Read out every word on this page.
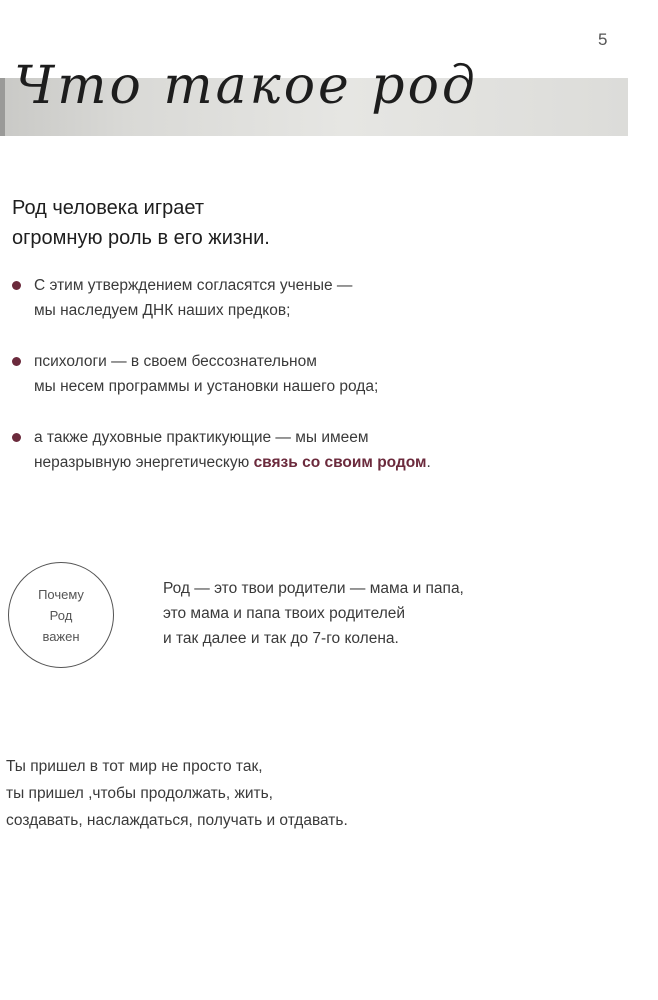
5
Что такое род

Род человека играет
огромную роль в его жизни.

С этим утверждением согласятся ученые —
мы наследуем ДНК наших предков;
психологи — в своем бессознательном
мы несем программы и установки нашего рода;
а также духовные практикующие — мы имеем
неразрывную энергетическую связь со своим родом.
Почему
Род
важен

Род — это твои родители — мама и папа,
это мама и папа твоих родителей
и так далее и так до 7-го колена.

Ты пришел в тот мир не просто так,
ты пришел ,чтобы продолжать, жить,
создавать, наслаждаться, получать и отдавать.
